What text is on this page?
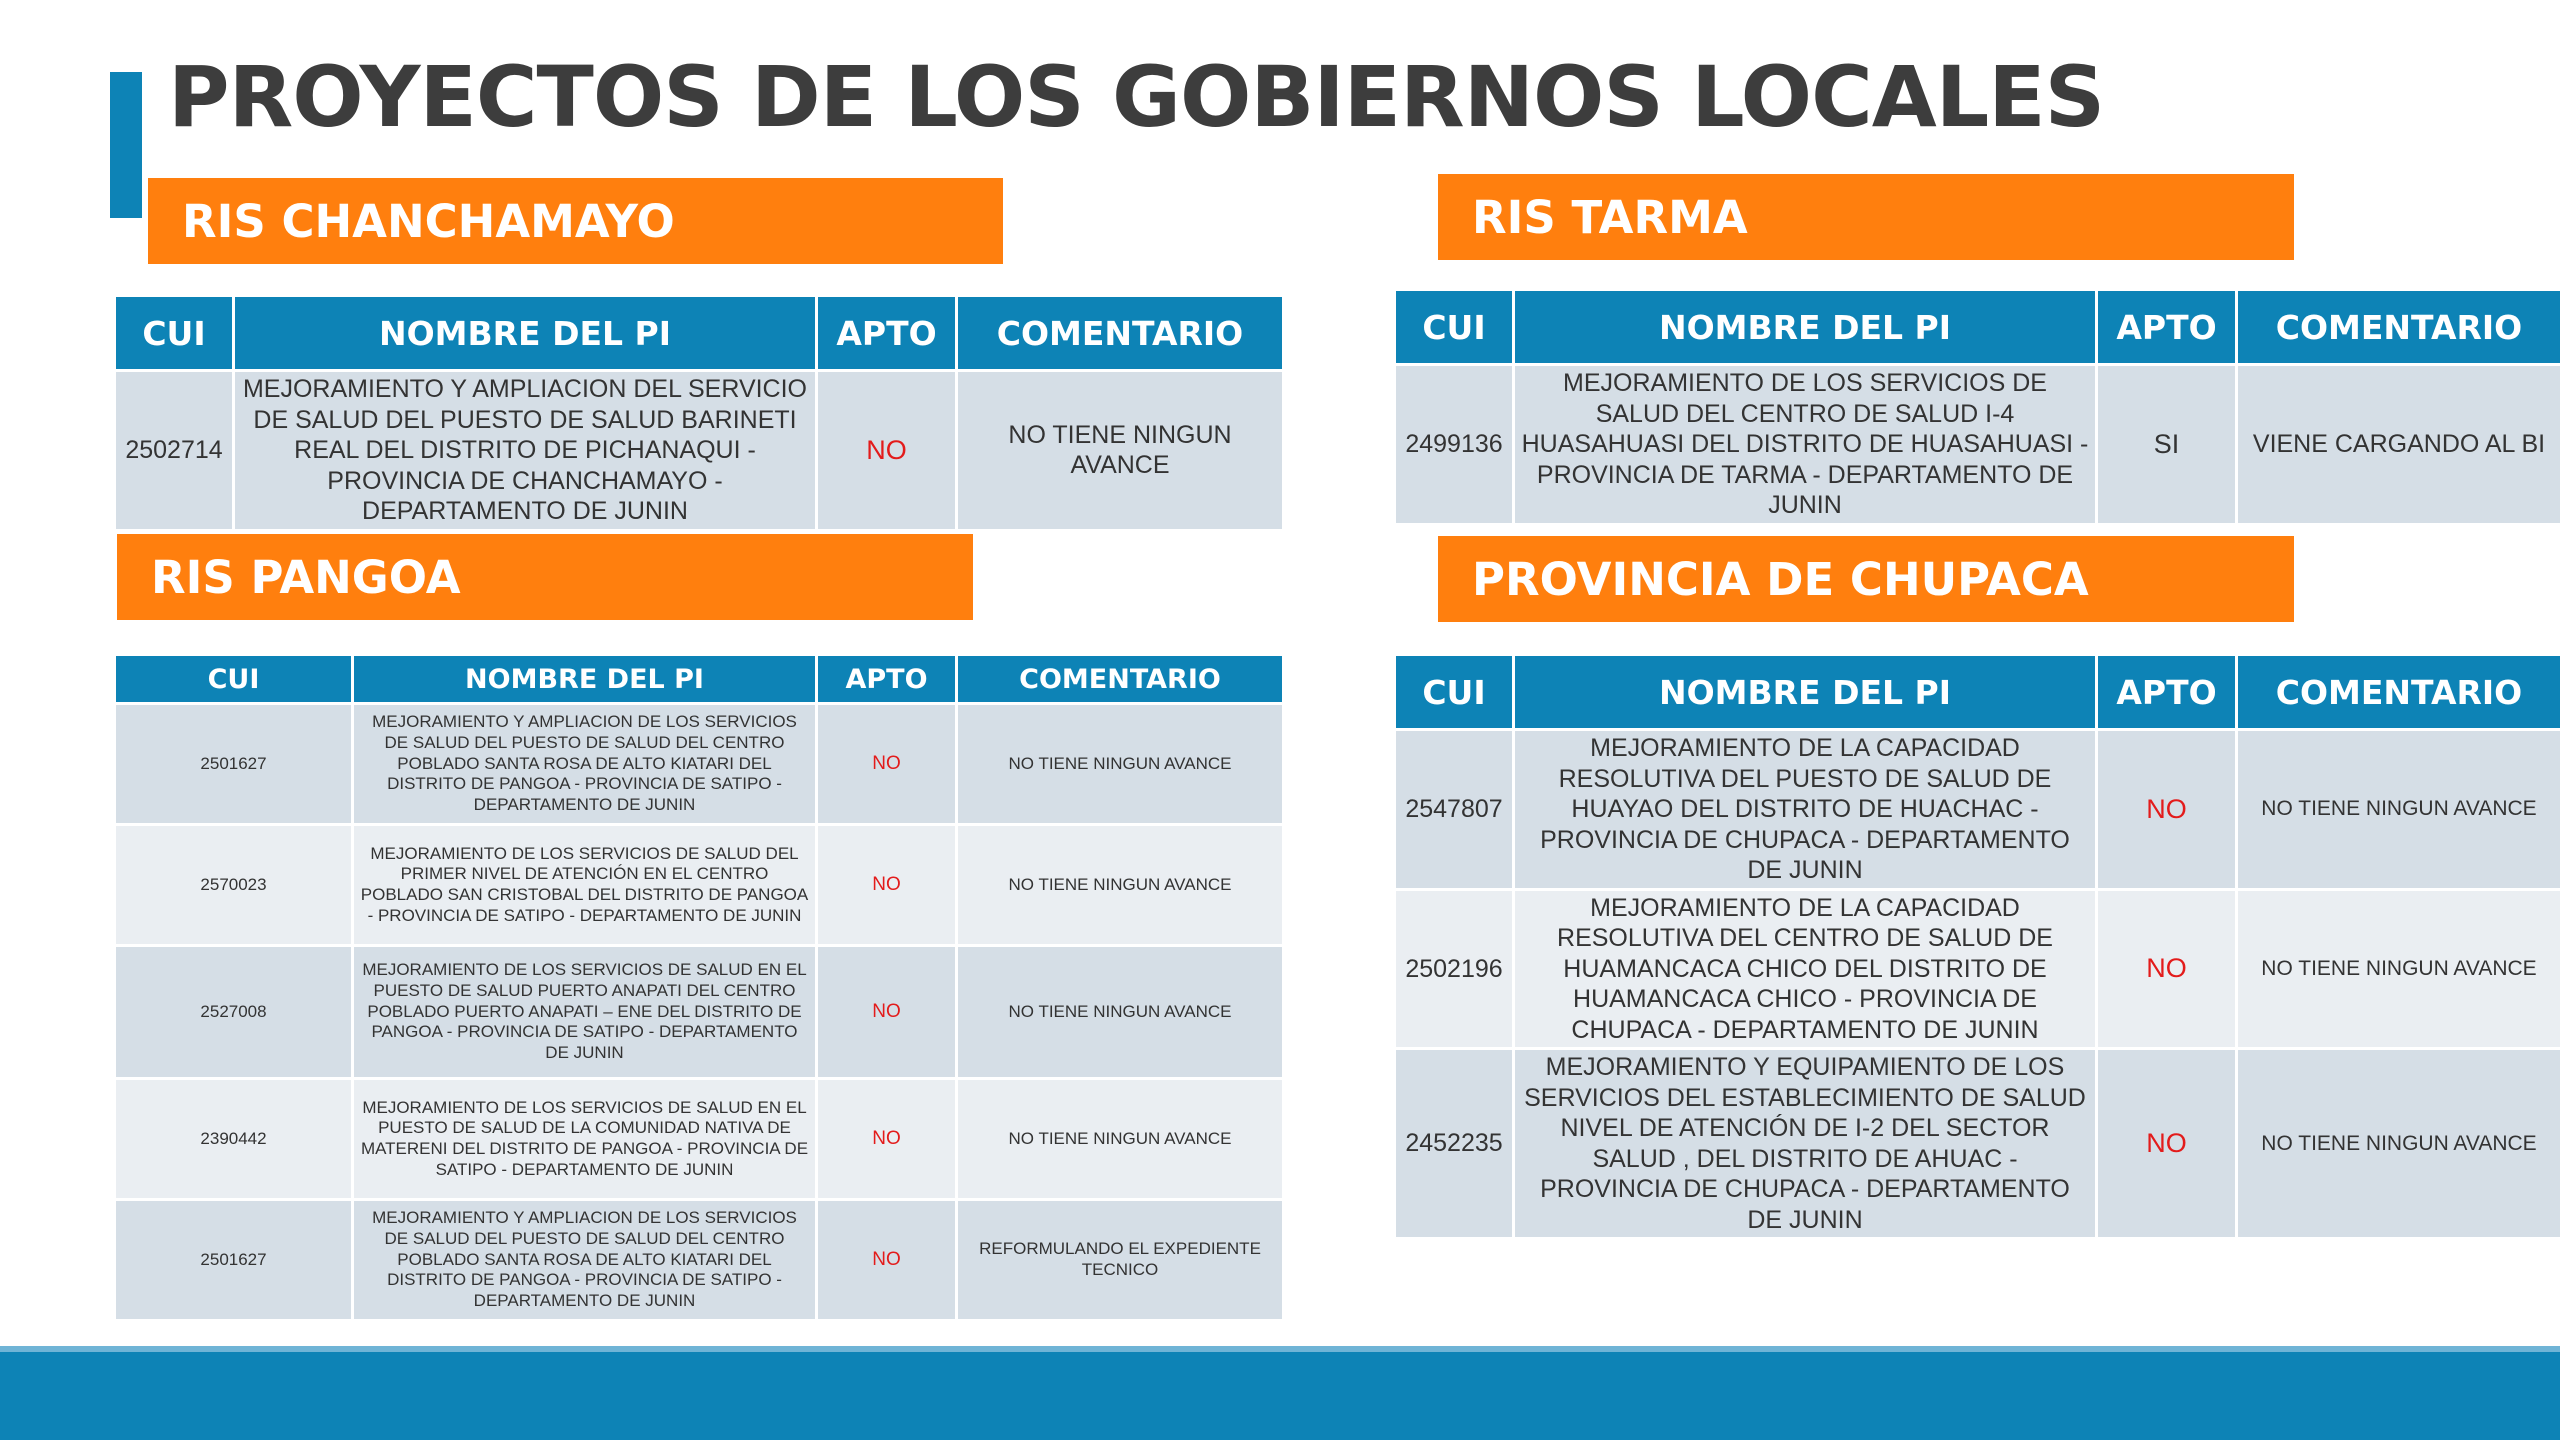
PROYECTOS DE LOS GOBIERNOS LOCALES
RIS CHANCHAMAYO
CUI	NOMBRE DEL PI	APTO	COMENTARIO
2502714	MEJORAMIENTO Y AMPLIACION DEL SERVICIO DE SALUD DEL PUESTO DE SALUD BARINETI REAL DEL DISTRITO DE PICHANAQUI - PROVINCIA DE CHANCHAMAYO - DEPARTAMENTO DE JUNIN	NO	NO TIENE NINGUN AVANCE
RIS TARMA
CUI	NOMBRE DEL PI	APTO	COMENTARIO
2499136	MEJORAMIENTO DE LOS SERVICIOS DE SALUD DEL CENTRO DE SALUD I-4 HUASAHUASI DEL DISTRITO DE HUASAHUASI - PROVINCIA DE TARMA - DEPARTAMENTO DE JUNIN	SI	VIENE CARGANDO AL BI
RIS PANGOA
CUI	NOMBRE DEL PI	APTO	COMENTARIO
2501627	MEJORAMIENTO Y AMPLIACION DE LOS SERVICIOS DE SALUD DEL PUESTO DE SALUD DEL CENTRO POBLADO SANTA ROSA DE ALTO KIATARI DEL DISTRITO DE PANGOA - PROVINCIA DE SATIPO - DEPARTAMENTO DE JUNIN	NO	NO TIENE NINGUN AVANCE
2570023	MEJORAMIENTO DE LOS SERVICIOS DE SALUD DEL PRIMER NIVEL DE ATENCIÓN EN EL CENTRO POBLADO SAN CRISTOBAL DEL DISTRITO DE PANGOA - PROVINCIA DE SATIPO - DEPARTAMENTO DE JUNIN	NO	NO TIENE NINGUN AVANCE
2527008	MEJORAMIENTO DE LOS SERVICIOS DE SALUD EN EL PUESTO DE SALUD PUERTO ANAPATI DEL CENTRO POBLADO PUERTO ANAPATI – ENE DEL DISTRITO DE PANGOA - PROVINCIA DE SATIPO - DEPARTAMENTO DE JUNIN	NO	NO TIENE NINGUN AVANCE
2390442	MEJORAMIENTO DE LOS SERVICIOS DE SALUD EN EL PUESTO DE SALUD DE LA COMUNIDAD NATIVA DE MATERENI DEL DISTRITO DE PANGOA - PROVINCIA DE SATIPO - DEPARTAMENTO DE JUNIN	NO	NO TIENE NINGUN AVANCE
2501627	MEJORAMIENTO Y AMPLIACION DE LOS SERVICIOS DE SALUD DEL PUESTO DE SALUD DEL CENTRO POBLADO SANTA ROSA DE ALTO KIATARI DEL DISTRITO DE PANGOA - PROVINCIA DE SATIPO - DEPARTAMENTO DE JUNIN	NO	REFORMULANDO EL EXPEDIENTE TECNICO
PROVINCIA DE CHUPACA
CUI	NOMBRE DEL PI	APTO	COMENTARIO
2547807	MEJORAMIENTO DE LA CAPACIDAD RESOLUTIVA DEL PUESTO DE SALUD DE HUAYAO DEL DISTRITO DE HUACHAC - PROVINCIA DE CHUPACA - DEPARTAMENTO DE JUNIN	NO	NO TIENE NINGUN AVANCE
2502196	MEJORAMIENTO DE LA CAPACIDAD RESOLUTIVA DEL CENTRO DE SALUD DE HUAMANCACA CHICO DEL DISTRITO DE HUAMANCACA CHICO - PROVINCIA DE CHUPACA - DEPARTAMENTO DE JUNIN	NO	NO TIENE NINGUN AVANCE
2452235	MEJORAMIENTO Y EQUIPAMIENTO DE LOS SERVICIOS DEL ESTABLECIMIENTO DE SALUD NIVEL DE ATENCIÓN DE I-2 DEL SECTOR SALUD , DEL DISTRITO DE AHUAC - PROVINCIA DE CHUPACA - DEPARTAMENTO DE JUNIN	NO	NO TIENE NINGUN AVANCE
